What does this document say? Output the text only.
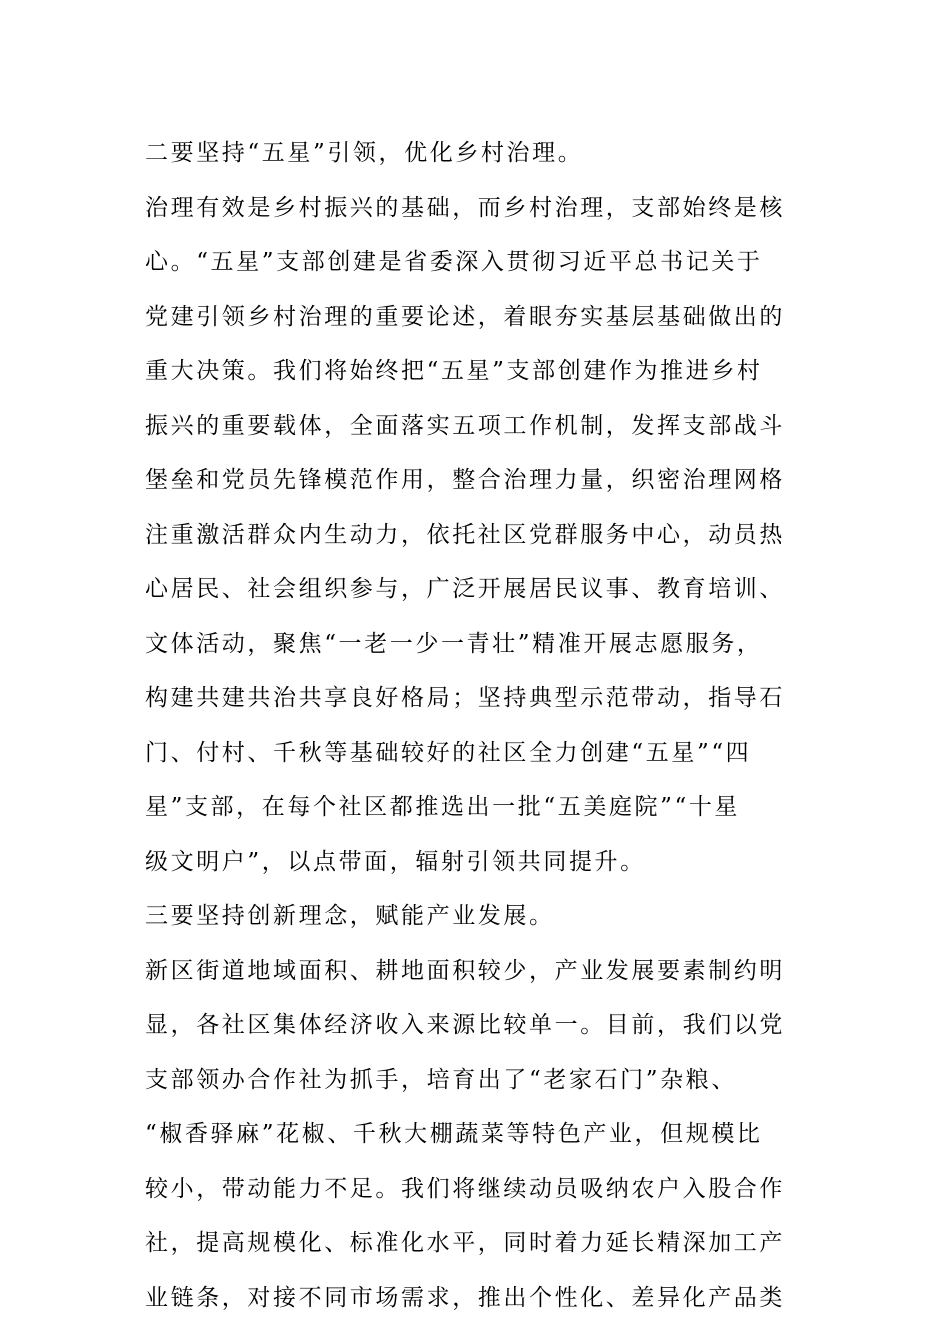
二要坚持“五星”引领，优化乡村治理。
治理有效是乡村振兴的基础，而乡村治理，支部始终是核
心。“五星”支部创建是省委深入贯彻习近平总书记关于
党建引领乡村治理的重要论述，着眼夯实基层基础做出的
重大决策。我们将始终把“五星”支部创建作为推进乡村
振兴的重要载体，全面落实五项工作机制，发挥支部战斗
堡垒和党员先锋模范作用，整合治理力量，织密治理网格
注重激活群众内生动力，依托社区党群服务中心，动员热
心居民、社会组织参与，广泛开展居民议事、教育培训、
文体活动，聚焦“一老一少一青壮”精准开展志愿服务，
构建共建共治共享良好格局；坚持典型示范带动，指导石
门、付村、千秋等基础较好的社区全力创建“五星”“四
星”支部，在每个社区都推选出一批“五美庭院”“十星
级文明户”，以点带面，辐射引领共同提升。
三要坚持创新理念，赋能产业发展。
新区街道地域面积、耕地面积较少，产业发展要素制约明
显，各社区集体经济收入来源比较单一。目前，我们以党
支部领办合作社为抓手，培育出了“老家石门”杂粮、
“椒香驿麻”花椒、千秋大棚蔬菜等特色产业，但规模比
较小，带动能力不足。我们将继续动员吸纳农户入股合作
社，提高规模化、标准化水平，同时着力延长精深加工产
业链条，对接不同市场需求，推出个性化、差异化产品类
